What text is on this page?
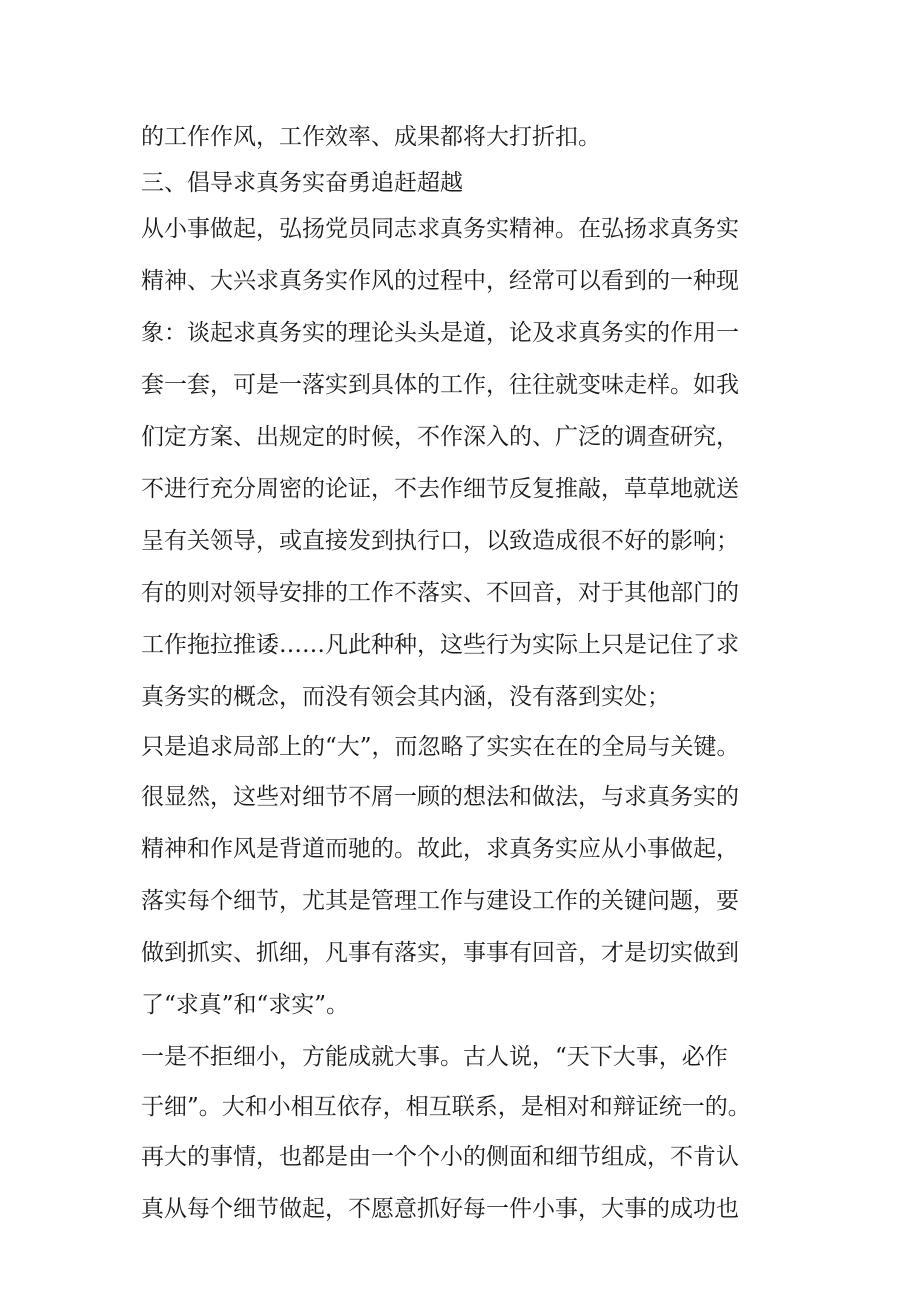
的工作作风，工作效率、成果都将大打折扣。
三、倡导求真务实奋勇追赶超越
从小事做起，弘扬党员同志求真务实精神。在弘扬求真务实
精神、大兴求真务实作风的过程中，经常可以看到的一种现
象：谈起求真务实的理论头头是道，论及求真务实的作用一
套一套，可是一落实到具体的工作，往往就变味走样。如我
们定方案、出规定的时候，不作深入的、广泛的调查研究，
不进行充分周密的论证，不去作细节反复推敲，草草地就送
呈有关领导，或直接发到执行口，以致造成很不好的影响；
有的则对领导安排的工作不落实、不回音，对于其他部门的
工作拖拉推诿……凡此种种，这些行为实际上只是记住了求
真务实的概念，而没有领会其内涵，没有落到实处；
只是追求局部上的“大”，而忽略了实实在在的全局与关键。
很显然，这些对细节不屑一顾的想法和做法，与求真务实的
精神和作风是背道而驰的。故此，求真务实应从小事做起，
落实每个细节，尤其是管理工作与建设工作的关键问题，要
做到抓实、抓细，凡事有落实，事事有回音，才是切实做到
了“求真”和“求实”。
一是不拒细小，方能成就大事。古人说，“天下大事，必作
于细”。大和小相互依存，相互联系，是相对和辩证统一的。
再大的事情，也都是由一个个小的侧面和细节组成，不肯认
真从每个细节做起，不愿意抓好每一件小事，大事的成功也
